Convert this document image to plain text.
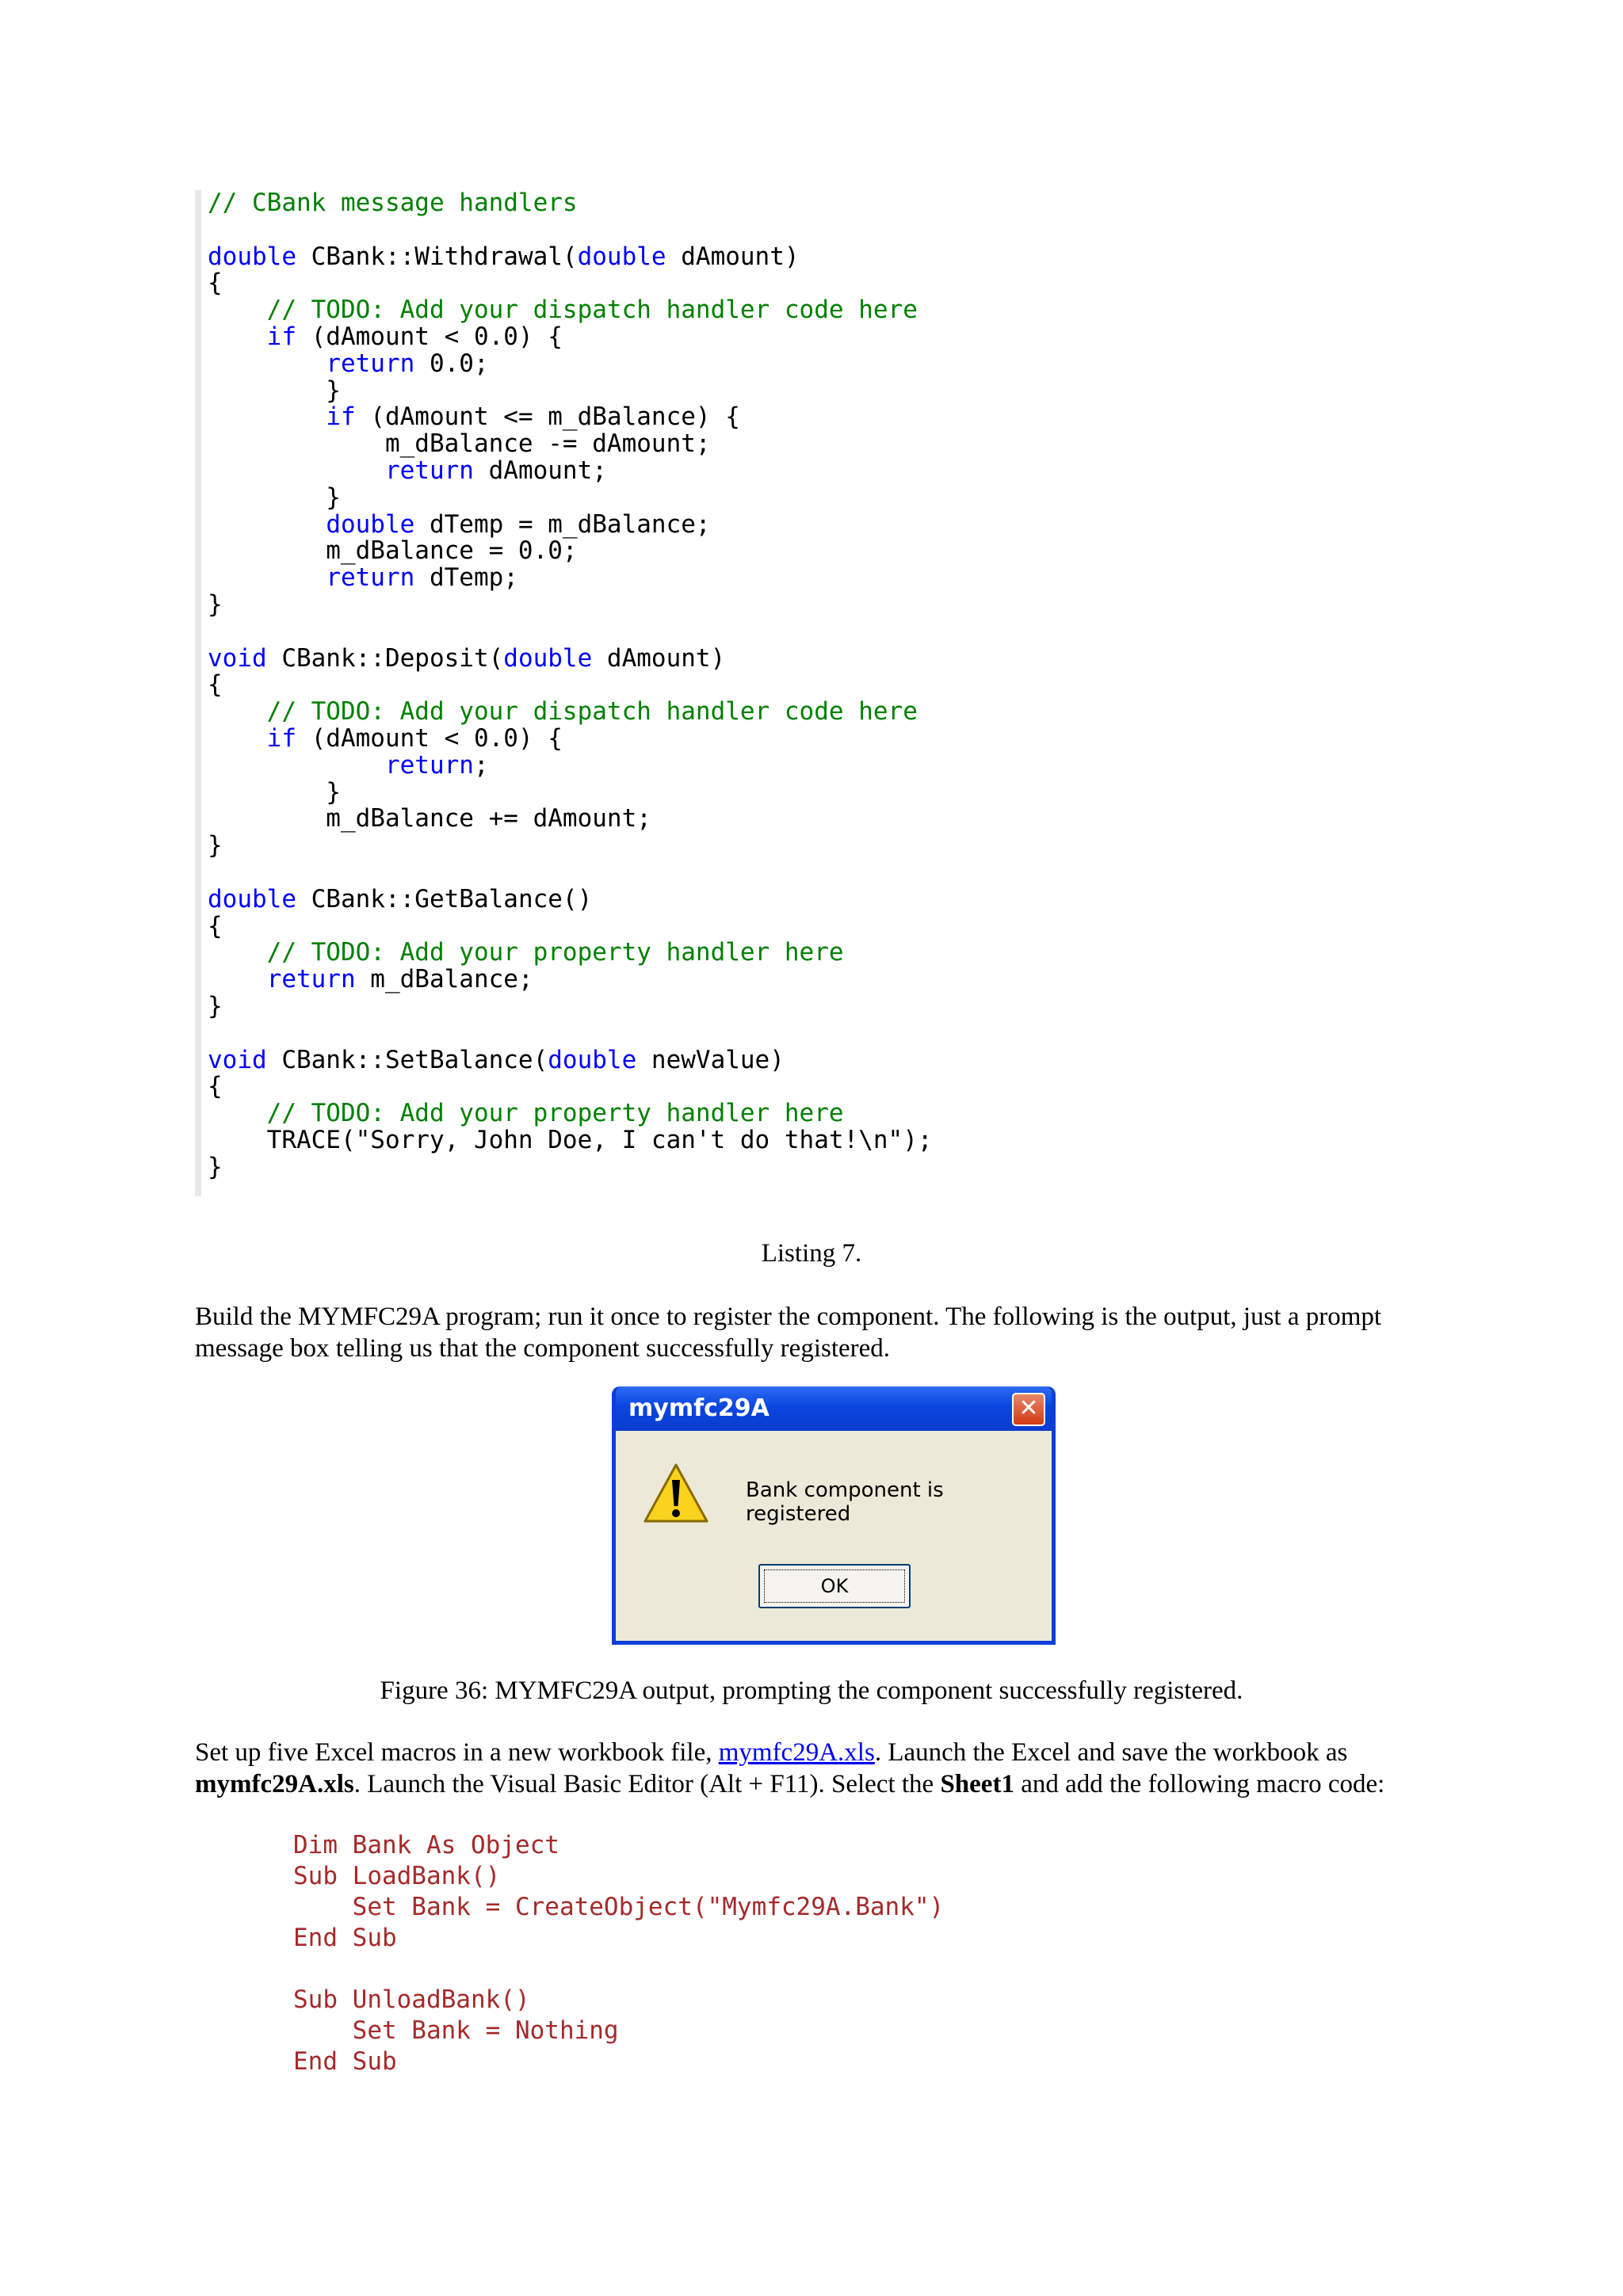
// CBank message handlers
double CBank::Withdrawal(double dAmount)
{
// TODO: Add your dispatch handler code here
if (dAmount < 0.0) {
return 0.0;
}
if (dAmount <= m_dBalance) {
m_dBalance -= dAmount;
return dAmount;
}
double dTemp = m_dBalance;
m_dBalance = 0.0;
return dTemp;
}
void CBank::Deposit(double dAmount)
{
// TODO: Add your dispatch handler code here
if (dAmount < 0.0) {
return;
}
m_dBalance += dAmount;
}
double CBank::GetBalance()
{
// TODO: Add your property handler here
return m_dBalance;
}
void CBank::SetBalance(double newValue)
{
// TODO: Add your property handler here
TRACE("Sorry, John Doe, I can't do that!\n");
}
Listing 7.
Build the MYMFC29A program; run it once to register the component. The following is the output, just a prompt message box telling us that the component successfully registered.
mymfc29A	✕
Bank component is registered
OK
Figure 36: MYMFC29A output, prompting the component successfully registered.
Set up five Excel macros in a new workbook file, mymfc29A.xls. Launch the Excel and save the workbook as mymfc29A.xls. Launch the Visual Basic Editor (Alt + F11). Select the Sheet1 and add the following macro code:
Dim Bank As Object
Sub LoadBank()
Set Bank = CreateObject("Mymfc29A.Bank")
End Sub

Sub UnloadBank()
Set Bank = Nothing
End Sub
